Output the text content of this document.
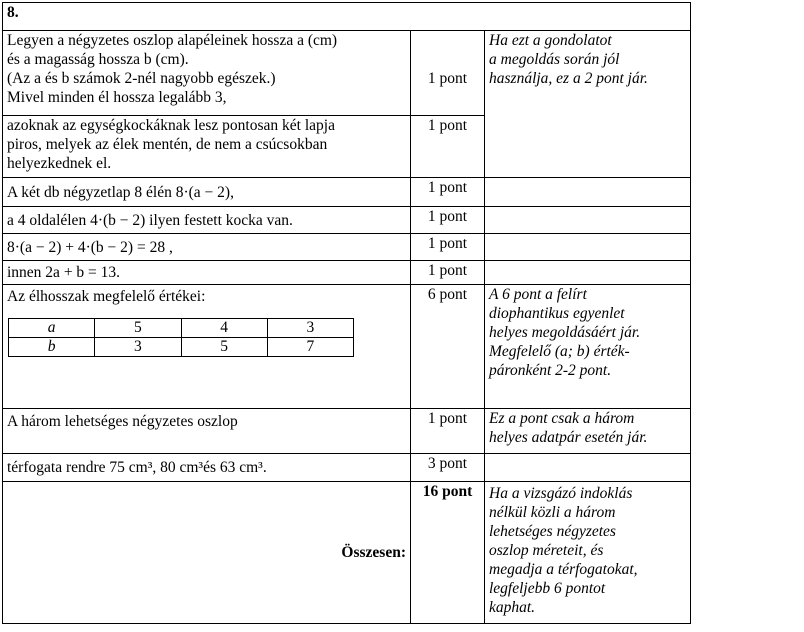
8.

Legyen a négyzetes oszlop alapéleinek hossza a (cm)
és a magasság hossza b (cm).
(Az a és b számok 2-nél nagyobb egészek.)
Mivel minden él hossza legalább 3,
	1 pont	
Ha ezt a gondolatot
a megoldás során jól
használja, ez a 2 pont jár.

azoknak az egységkockáknak lesz pontosan két lapja
piros, melyek az élek mentén, de nem a csúcsokban
helyezkednek el.
	1 pont
A két db négyzetlap 8 élén 8·(a − 2),	1 pont	
a 4 oldalélen 4·(b − 2) ilyen festett kocka van.	1 pont	
8·(a − 2) + 4·(b − 2) = 28 ,	1 pont	
innen 2a + b = 13.	1 pont	

Az élhosszak megfelelő értékei:
a	5	4	3
b	3	5	7
	6 pont	A 6 pont a felírt
diophantikus egyenlet
helyes megoldásáért jár.
Megfelelő (a; b) érték-
páronként 2-2 pont.

A három lehetséges négyzetes oszlop	1 pont	Ez a pont csak a három
helyes adatpár esetén jár.

térfogata rendre 75 cm³, 80 cm³és 63 cm³.	3 pont	
Összesen:	16 pont	Ha a vizsgázó indoklás
nélkül közli a három
lehetséges négyzetes
oszlop méreteit, és
megadja a térfogatokat,
legfeljebb 6 pontot
kaphat.
